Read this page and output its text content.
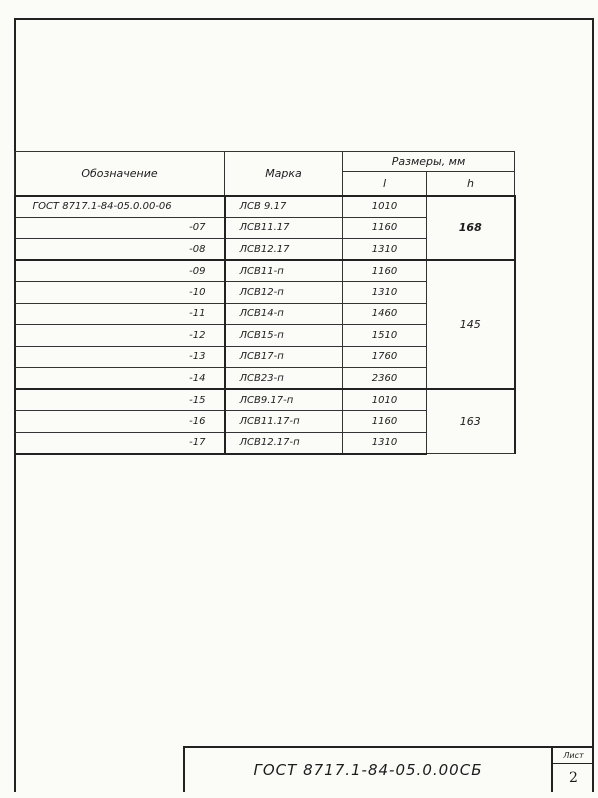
Обозначение	Марка	Размеры, мм	
		l	h
ГОСТ 8717.1-84-05.0.00-06	ЛСВ 9.17	1010	168
-07	ЛСВ11.17	1160	
-08	ЛСВ12.17	1310	
-09	ЛСВ11-п	1160	145
-10	ЛСВ12-п	1310	
-11	ЛСВ14-п	1460	
-12	ЛСВ15-п	1510	
-13	ЛСВ17-п	1760	
-14	ЛСВ23-п	2360	
-15	ЛСВ9.17-п	1010	163
-16	ЛСВ11.17-п	1160	
-17	ЛСВ12.17-п	1310	
ГОСТ 8717.1-84-05.0.00СБ
Лист
2
